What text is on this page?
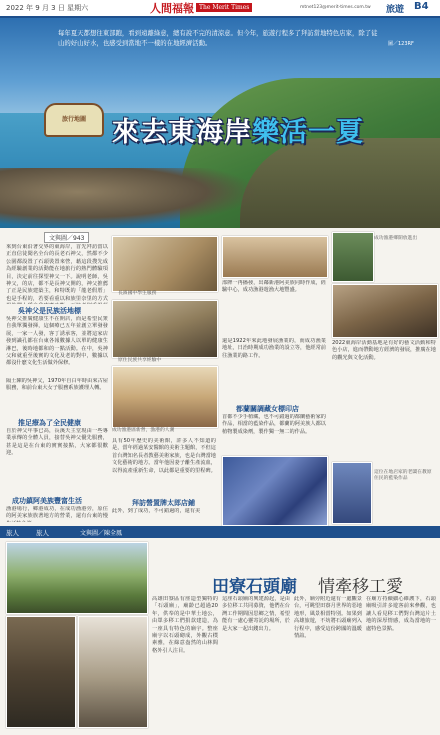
2022 年 9 月 3 日 星期六	人間福報 The Merit Times	mtnet123@merit-times.com.tw 旅遊 B4
每年夏天都想往東部跑，看到遠離綠意，總有說不完的清涼意。但今年，旅遊行程多了拜訪當地特色店家，除了徒山的好山好水，也感受到當地不一樣的在地經濟活動。	圖／123RF
旅行地圖 來去東海岸樂活一夏
文與圖／943
來到台東沿著交界的東海岸，首先拜訪當以正直信徒聞名全台的長老石神父，然都不少公園都設置了石頭裝置來營，藉這段搜先成為經驗創業的活動能在地旅行的熱門體驗項目，決定前往探望神父一下。說明老師，吳神父，的店，都不是長神父開的，神父推薦了正是民族建築主，和特既的「龍老假厝」也是手程的，若要看重以和族里奈里的方式
吳神父是民族活地標
吳神父推廣健康生不在開店，而是希望民衆自我單獨發揮，這個療已五年並創立單發發展，一家一人發，客丁誘承客，並將這家店發到識孔都在台東各報數據人以單的健康生淋巴，後時地都和的一點活動。在中，吳神父和就重至後實的文化及老的對中，數據以都沒什麽文化生活做外保修。
隔土陳的吳神父，1970年自白年時由來古屋服務，和前台東大女子服務系族護理人轉。
推足療為了全民健康
自於神父年事已高，長溪天主堂現由一些專業承傳的全體人員，接替吳神父優先服務，甚是這是在台東的實實接點，大家都很歡迎。
成功鎮阿美族豐富生活
漁港場行，鄉港成功，在成功漁港旁，原住的阿美家族族著地方的營業，還有台東的慢
長濱國中學生服務
原住民族共享經驗中
成功漁港區新營，漁港的人潮
具有50年歷史的美術館，許多人不知道的是，當年經過某安醫館的美術主題館，不但這首台灣知名長者教藝美術家族，也是台灣當地文化藝術的地方。當年他因妻子離生產流血，以得流產重新生命，以此都是重要的里程碑。
拜訪營置牌太郎店鋪
此外，到了成功，不可錯過的，還有美
部牌一再播發，出鄰新港阿美族同時作成，經驗中心，成功漁港遊漁大地豐盛。
還是1922年來此地發展漁業的，而成功漁業地址，日治時期成功漁業的設立等，他經常前往漁業的路工作。
都蘭關調藏女標印店
首都不少手植藏，也不可錯過的都蘭藝術家的作品，相當的藍染作品，都蘭的阿美族人都以植物製成染劑，製作獨一無二的作品。
成功漁港鄉開放進出
2022東海岸活動基地是有好的藝文活動和特色小店，進而帶動地方經濟的發展，推廣在地的觀光與文化活動。
這位在地店家的老闆在教原住民的藍染作品
旅人	旅人	文與圖／陳全鳳
田寮石頭廟 情牽移工愛
高雄田寮區有座造型獨特的「石頭廟」，廟齡已超過20年，供奉的是中華土地公，由眾多移工們捐款建造，為一座具有特色的廟宇。整座廟宇以石頭砌成，外觀古樸素雅，在綠意盎然的山林間格外引人注目。
這座石頭廟的興建源起，是由多位移工共同募資，他們在台灣工作期間因思鄉之情，希望能有一處心靈寄託的場所，於是大家一起出錢出力。
此外，廟旁附近還有一處觀景台，可眺望田寮月世界的惡地地形，風景相當特別。如果到高雄旅遊，不妨將石頭廟列入行程中，感受這份跨國的溫暖情誼。
在廟方持續細心維護下，石頭廟吸引許多遊客前來參觀，也讓人看見移工們對台灣這片土地的深厚情感，成為當地的一處特色景點。
